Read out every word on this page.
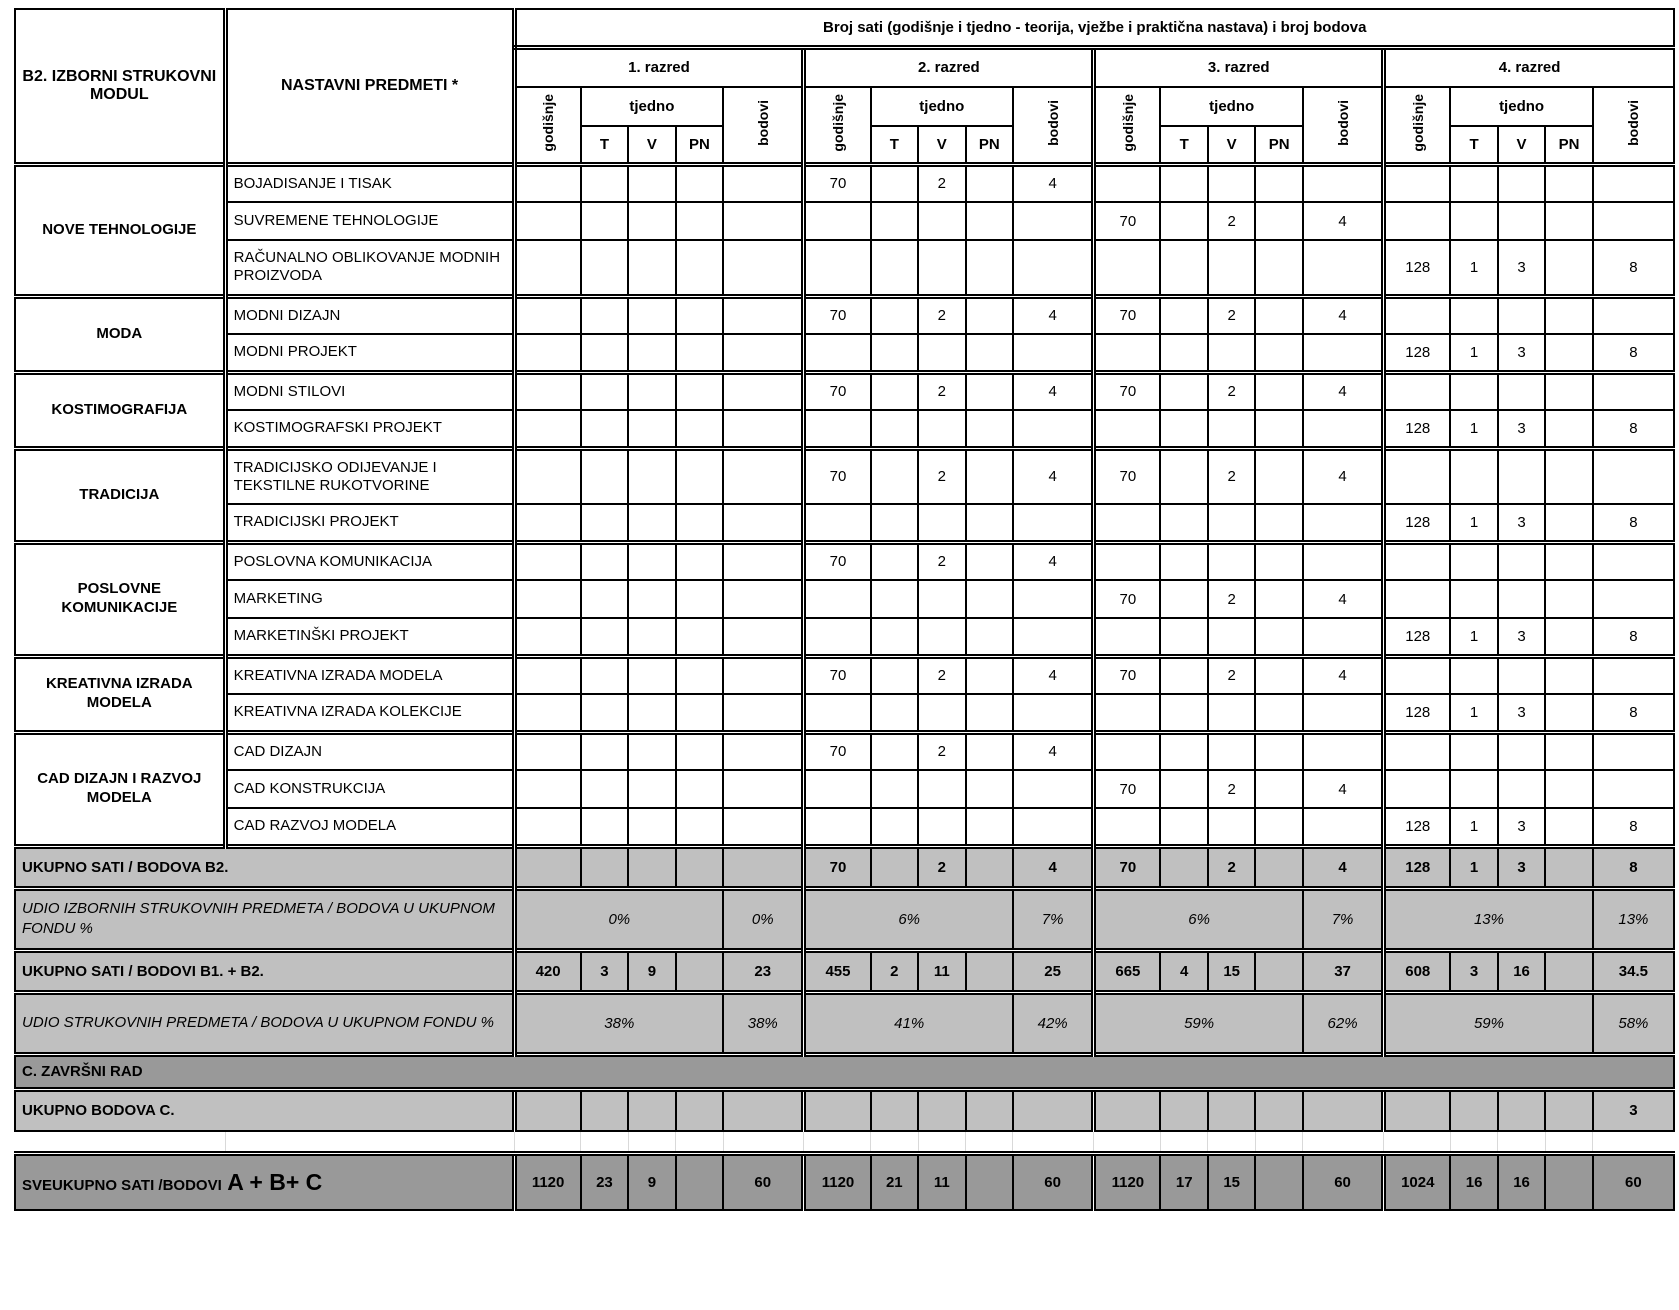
B2. IZBORNI STRUKOVNI MODUL	NASTAVNI PREDMETI *	Broj sati (godišnje i tjedno - teorija, vježbe i praktična nastava) i broj bodova																			
		1. razred					2. razred					3. razred					4. razred				
		godišnje	tjedno			bodovi	godišnje	tjedno			bodovi	godišnje	tjedno			bodovi	godišnje	tjedno			bodovi
			T	V	PN			T	V	PN			T	V	PN			T	V	PN	
NOVE TEHNOLOGIJE	BOJADISANJE I TISAK						70		2		4										
	SUVREMENE TEHNOLOGIJE											70		2		4					
	RAČUNALNO OBLIKOVANJE MODNIH PROIZVODA																128	1	3		8
MODA	MODNI DIZAJN						70		2		4	70		2		4					
	MODNI PROJEKT																128	1	3		8
KOSTIMOGRAFIJA	MODNI STILOVI						70		2		4	70		2		4					
	KOSTIMOGRAFSKI PROJEKT																128	1	3		8
TRADICIJA	TRADICIJSKO ODIJEVANJE I TEKSTILNE RUKOTVORINE						70		2		4	70		2		4					
	TRADICIJSKI PROJEKT																128	1	3		8
POSLOVNE KOMUNIKACIJE	POSLOVNA KOMUNIKACIJA						70		2		4										
	MARKETING											70		2		4					
	MARKETINŠKI PROJEKT																128	1	3		8
KREATIVNA IZRADA MODELA	KREATIVNA IZRADA MODELA						70		2		4	70		2		4					
	KREATIVNA IZRADA KOLEKCIJE																128	1	3		8
CAD DIZAJN I RAZVOJ MODELA	CAD DIZAJN						70		2		4										
	CAD KONSTRUKCIJA											70		2		4					
	CAD RAZVOJ MODELA																128	1	3		8
UKUPNO SATI / BODOVA B2.							70		2		4	70		2		4	128	1	3		8
UDIO IZBORNIH STRUKOVNIH PREDMETA / BODOVA U UKUPNOM FONDU %		0%				0%	6%				7%	6%				7%	13%				13%
UKUPNO SATI / BODOVI B1. + B2.		420	3	9		23	455	2	11		25	665	4	15		37	608	3	16		34.5
UDIO STRUKOVNIH PREDMETA / BODOVA U UKUPNOM FONDU %		38%				38%	41%				42%	59%				62%	59%				58%
C. ZAVRŠNI RAD																					
UKUPNO BODOVA C.																					3

SVEUKUPNO SATI /BODOVI A + B+ C		1120	23	9		60	1120	21	11		60	1120	17	15		60	1024	16	16		60
